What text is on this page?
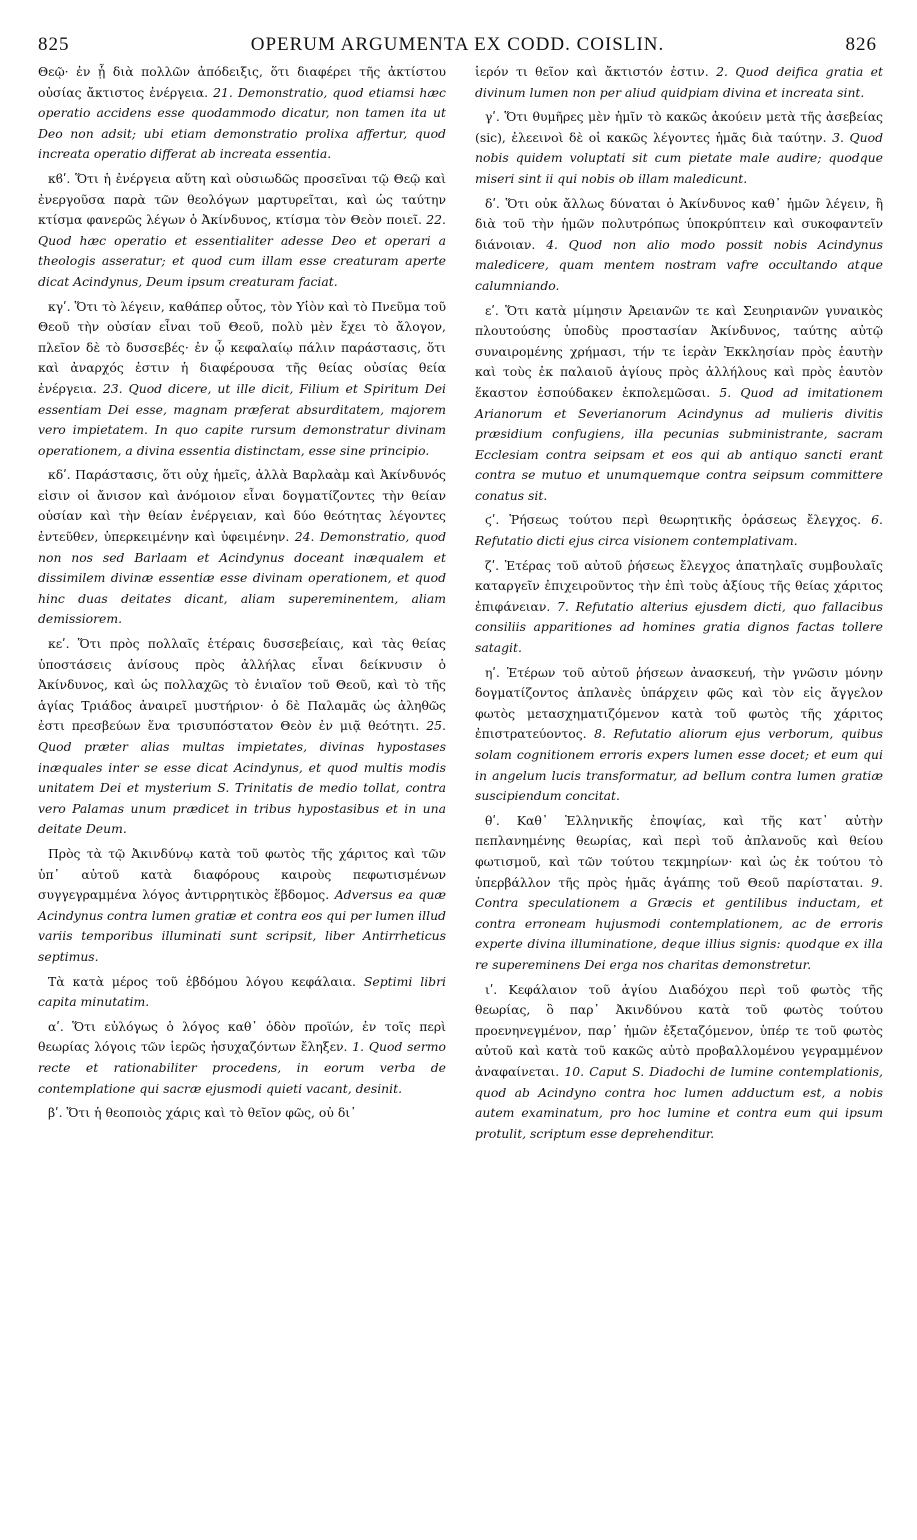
825	OPERUM ARGUMENTA EX CODD. COISLIN.	826

Θεῷ· ἐν ᾗ διὰ πολλῶν ἀπόδειξις, ὅτι διαφέρει τῆς ἀκτίστου οὐσίας ἄκτιστος ἐνέργεια. 21. Demonstratio, quod etiamsi hæc operatio accidens esse quodammodo dicatur, non tamen ita ut Deo non adsit; ubi etiam demonstratio prolixa affertur, quod increata operatio differat ab increata essentia.

κϐʹ. Ὅτι ἡ ἐνέργεια αὕτη καὶ οὐσιωδῶς προσεῖναι τῷ Θεῷ καὶ ἐνεργοῦσα παρὰ τῶν θεολόγων μαρτυρεῖται, καὶ ὡς ταύτην κτίσμα φανερῶς λέγων ὁ Ἀκίνδυνος, κτίσμα τὸν Θεὸν ποιεῖ. 22. Quod hæc operatio et essentialiter adesse Deo et operari a theologis asseratur; et quod cum illam esse creaturam aperte dicat Acindynus, Deum ipsum creaturam faciat.

κγʹ. Ὅτι τὸ λέγειν, καθάπερ οὗτος, τὸν Υἱὸν καὶ τὸ Πνεῦμα τοῦ Θεοῦ τὴν οὐσίαν εἶναι τοῦ Θεοῦ, πολὺ μὲν ἔχει τὸ ἄλογον, πλεῖον δὲ τὸ δυσσεβές· ἐν ᾧ κεφαλαίῳ πάλιν παράστασις, ὅτι καὶ ἀναρχός ἐστιν ἡ διαφέρουσα τῆς θείας οὐσίας θεία ἐνέργεια. 23. Quod dicere, ut ille dicit, Filium et Spiritum Dei essentiam Dei esse, magnam præferat absurditatem, majorem vero impietatem. In quo capite rursum demonstratur divinam operationem, a divina essentia distinctam, esse sine principio.

κδʹ. Παράστασις, ὅτι οὐχ ἡμεῖς, ἀλλὰ Βαρλαὰμ καὶ Ἀκίνδυνός εἰσιν οἱ ἄνισον καὶ ἀνόμοιον εἶναι δογματίζοντες τὴν θείαν οὐσίαν καὶ τὴν θείαν ἐνέργειαν, καὶ δύο θεότητας λέγοντες ἐντεῦθεν, ὑπερκειμένην καὶ ὑφειμένην. 24. Demonstratio, quod non nos sed Barlaam et Acindynus doceant inæqualem et dissimilem divinæ essentiæ esse divinam operationem, et quod hinc duas deitates dicant, aliam supereminentem, aliam demissiorem.

κεʹ. Ὅτι πρὸς πολλαῖς ἑτέραις δυσσεβείαις, καὶ τὰς θείας ὑποστάσεις ἀνίσους πρὸς ἀλλήλας εἶναι δείκνυσιν ὁ Ἀκίνδυνος, καὶ ὡς πολλαχῶς τὸ ἑνιαῖον τοῦ Θεοῦ, καὶ τὸ τῆς ἁγίας Τριάδος ἀναιρεῖ μυστήριον· ὁ δὲ Παλαμᾶς ὡς ἀληθῶς ἐστι πρεσβεύων ἕνα τρισυπόστατον Θεὸν ἐν μιᾷ θεότητι. 25. Quod præter alias multas impietates, divinas hypostases inæquales inter se esse dicat Acindynus, et quod multis modis unitatem Dei et mysterium S. Trinitatis de medio tollat, contra vero Palamas unum prædicet in tribus hypostasibus et in una deitate Deum.

Πρὸς τὰ τῷ Ἀκινδύνῳ κατὰ τοῦ φωτὸς τῆς χάριτος καὶ τῶν ὑπ᾿ αὐτοῦ κατὰ διαφόρους καιροὺς πεφωτισμένων συγγεγραμμένα λόγος ἀντιρρητικὸς ἕβδομος. Adversus ea quæ Acindynus contra lumen gratiæ et contra eos qui per lumen illud variis temporibus illuminati sunt scripsit, liber Antirrheticus septimus.

Τὰ κατὰ μέρος τοῦ ἑβδόμου λόγου κεφάλαια. Septimi libri capita minutatim.

αʹ. Ὅτι εὐλόγως ὁ λόγος καθ᾿ ὁδὸν προϊών, ἐν τοῖς περὶ θεωρίας λόγοις τῶν ἱερῶς ἡσυχαζόντων ἔληξεν. 1. Quod sermo recte et rationabiliter procedens, in eorum verba de contemplatione qui sacræ ejusmodi quieti vacant, desinit.

βʹ. Ὅτι ἡ θεοποιὸς χάρις καὶ τὸ θεῖον φῶς, οὐ δι᾿

ἱερόν τι θεῖον καὶ ἄκτιστόν ἐστιν. 2. Quod deifica gratia et divinum lumen non per aliud quidpiam divina et increata sint.

γʹ. Ὅτι θυμῆρες μὲν ἡμῖν τὸ κακῶς ἀκούειν μετὰ τῆς ἀσεβείας (sic), ἐλεεινοὶ δὲ οἱ κακῶς λέγοντες ἡμᾶς διὰ ταύτην. 3. Quod nobis quidem voluptati sit cum pietate male audire; quodque miseri sint ii qui nobis ob illam maledicunt.

δʹ. Ὅτι οὐκ ἄλλως δύναται ὁ Ἀκίνδυνος καθ᾿ ἡμῶν λέγειν, ἢ διὰ τοῦ τὴν ἡμῶν πολυτρόπως ὑποκρύπτειν καὶ συκοφαντεῖν διάνοιαν. 4. Quod non alio modo possit nobis Acindynus maledicere, quam mentem nostram vafre occultando atque calumniando.

εʹ. Ὅτι κατὰ μίμησιν Ἀρειανῶν τε καὶ Σευηριανῶν γυναικὸς πλουτούσης ὑποδὺς προστασίαν Ἀκίνδυνος, ταύτης αὐτῷ συναιρομένης χρήμασι, τήν τε ἱερὰν Ἐκκλησίαν πρὸς ἑαυτὴν καὶ τοὺς ἐκ παλαιοῦ ἁγίους πρὸς ἀλλήλους καὶ πρὸς ἑαυτὸν ἕκαστον ἐσπούδακεν ἐκπολεμῶσαι. 5. Quod ad imitationem Arianorum et Severianorum Acindynus ad mulieris divitis præsidium confugiens, illa pecunias subministrante, sacram Ecclesiam contra seipsam et eos qui ab antiquo sancti erant contra se mutuo et unumquemque contra seipsum committere conatus sit.

ϛʹ. Ῥήσεως τούτου περὶ θεωρητικῆς ὁράσεως ἔλεγχος. 6. Refutatio dicti ejus circa visionem contemplativam.

ζʹ. Ἑτέρας τοῦ αὐτοῦ ῥήσεως ἔλεγχος ἀπατηλαῖς συμβουλαῖς καταργεῖν ἐπιχειροῦντος τὴν ἐπὶ τοὺς ἀξίους τῆς θείας χάριτος ἐπιφάνειαν. 7. Refutatio alterius ejusdem dicti, quo fallacibus consiliis apparitiones ad homines gratia dignos factas tollere satagit.

ηʹ. Ἑτέρων τοῦ αὐτοῦ ῥήσεων ἀνασκευή, τὴν γνῶσιν μόνην δογματίζοντος ἀπλανὲς ὑπάρχειν φῶς καὶ τὸν εἰς ἄγγελον φωτὸς μετασχηματιζόμενον κατὰ τοῦ φωτὸς τῆς χάριτος ἐπιστρατεύοντος. 8. Refutatio aliorum ejus verborum, quibus solam cognitionem erroris expers lumen esse docet; et eum qui in angelum lucis transformatur, ad bellum contra lumen gratiæ suscipiendum concitat.

θʹ. Καθ᾿ Ἑλληνικῆς ἐποψίας, καὶ τῆς κατ᾿ αὐτὴν πεπλανημένης θεωρίας, καὶ περὶ τοῦ ἀπλανοῦς καὶ θείου φωτισμοῦ, καὶ τῶν τούτου τεκμηρίων· καὶ ὡς ἐκ τούτου τὸ ὑπερβάλλον τῆς πρὸς ἡμᾶς ἀγάπης τοῦ Θεοῦ παρίσταται. 9. Contra speculationem a Græcis et gentilibus inductam, et contra erroneam hujusmodi contemplationem, ac de erroris experte divina illuminatione, deque illius signis: quodque ex illa re supereminens Dei erga nos charitas demonstretur.

ιʹ. Κεφάλαιον τοῦ ἁγίου Διαδόχου περὶ τοῦ φωτὸς τῆς θεωρίας, ὃ παρ᾿ Ἀκινδύνου κατὰ τοῦ φωτὸς τούτου προενηνεγμένον, παρ᾿ ἡμῶν ἐξεταζόμενον, ὑπέρ τε τοῦ φωτὸς αὐτοῦ καὶ κατὰ τοῦ κακῶς αὐτὸ προβαλλομένου γεγραμμένον ἀναφαίνεται. 10. Caput S. Diadochi de lumine contemplationis, quod ab Acindyno contra hoc lumen adductum est, a nobis autem examinatum, pro hoc lumine et contra eum qui ipsum protulit, scriptum esse deprehenditur.
